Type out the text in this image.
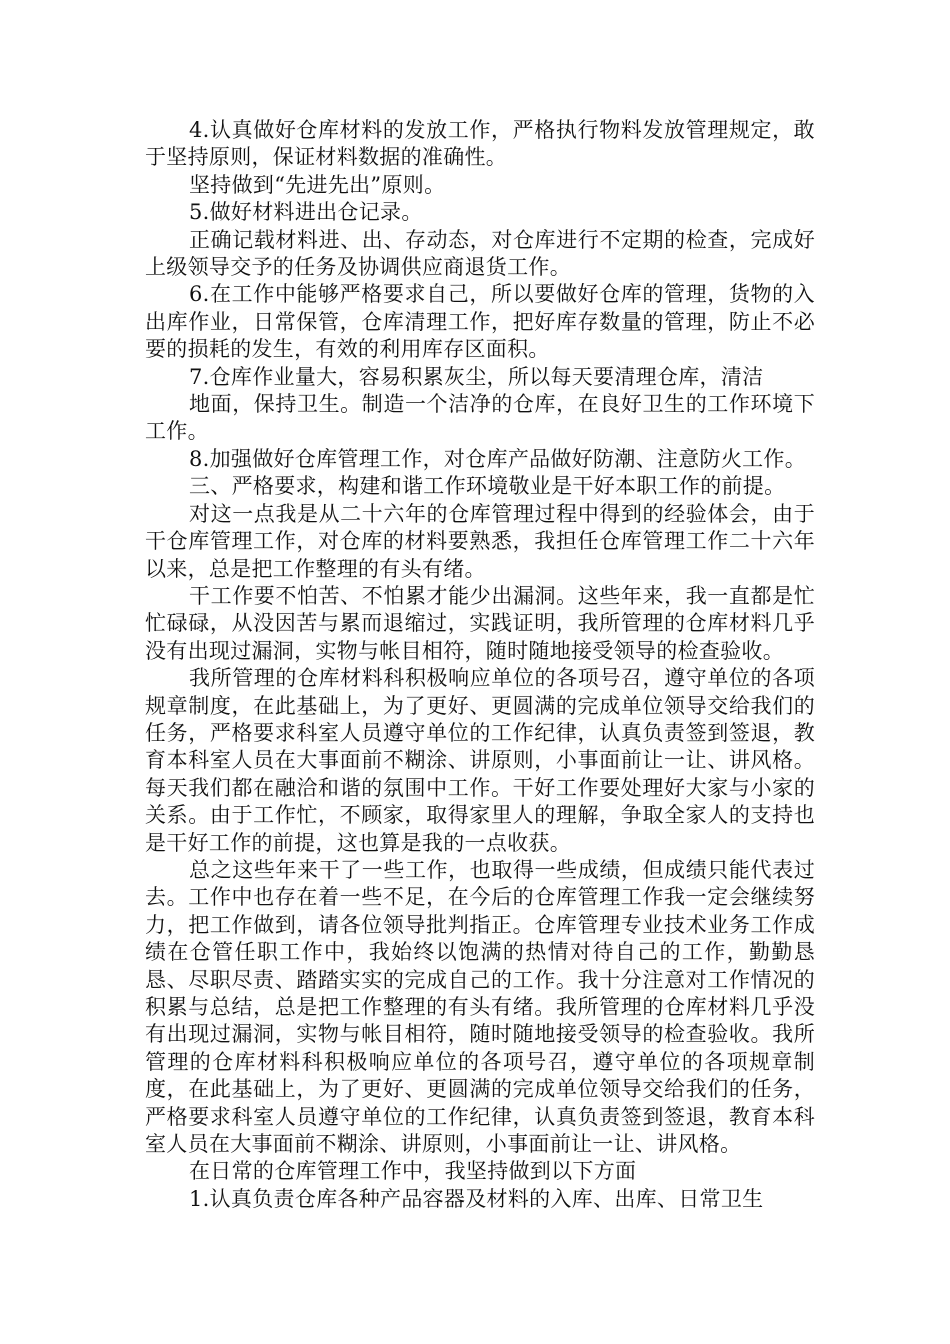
4.认真做好仓库材料的发放工作，严格执行物料发放管理规定，敢于坚持原则，保证材料数据的准确性。

坚持做到“先进先出”原则。

5.做好材料进出仓记录。

正确记载材料进、出、存动态，对仓库进行不定期的检查，完成好上级领导交予的任务及协调供应商退货工作。

6.在工作中能够严格要求自己，所以要做好仓库的管理，货物的入出库作业，日常保管，仓库清理工作，把好库存数量的管理，防止不必要的损耗的发生，有效的利用库存区面积。

7.仓库作业量大，容易积累灰尘，所以每天要清理仓库，清洁

地面，保持卫生。制造一个洁净的仓库，在良好卫生的工作环境下工作。

8.加强做好仓库管理工作，对仓库产品做好防潮、注意防火工作。

三、严格要求，构建和谐工作环境敬业是干好本职工作的前提。

对这一点我是从二十六年的仓库管理过程中得到的经验体会，由于干仓库管理工作，对仓库的材料要熟悉，我担任仓库管理工作二十六年以来，总是把工作整理的有头有绪。

干工作要不怕苦、不怕累才能少出漏洞。这些年来，我一直都是忙忙碌碌，从没因苦与累而退缩过，实践证明，我所管理的仓库材料几乎没有出现过漏洞，实物与帐目相符，随时随地接受领导的检查验收。

我所管理的仓库材料科积极响应单位的各项号召，遵守单位的各项规章制度，在此基础上，为了更好、更圆满的完成单位领导交给我们的任务，严格要求科室人员遵守单位的工作纪律，认真负责签到签退，教育本科室人员在大事面前不糊涂、讲原则，小事面前让一让、讲风格。每天我们都在融洽和谐的氛围中工作。干好工作要处理好大家与小家的关系。由于工作忙，不顾家，取得家里人的理解，争取全家人的支持也是干好工作的前提，这也算是我的一点收获。

总之这些年来干了一些工作，也取得一些成绩，但成绩只能代表过去。工作中也存在着一些不足，在今后的仓库管理工作我一定会继续努力，把工作做到，请各位领导批判指正。仓库管理专业技术业务工作成绩在仓管任职工作中，我始终以饱满的热情对待自己的工作，勤勤恳恳、尽职尽责、踏踏实实的完成自己的工作。我十分注意对工作情况的积累与总结，总是把工作整理的有头有绪。我所管理的仓库材料几乎没有出现过漏洞，实物与帐目相符，随时随地接受领导的检查验收。我所管理的仓库材料科积极响应单位的各项号召，遵守单位的各项规章制度，在此基础上，为了更好、更圆满的完成单位领导交给我们的任务，严格要求科室人员遵守单位的工作纪律，认真负责签到签退，教育本科室人员在大事面前不糊涂、讲原则，小事面前让一让、讲风格。

在日常的仓库管理工作中，我坚持做到以下方面

1.认真负责仓库各种产品容器及材料的入库、出库、日常卫生
